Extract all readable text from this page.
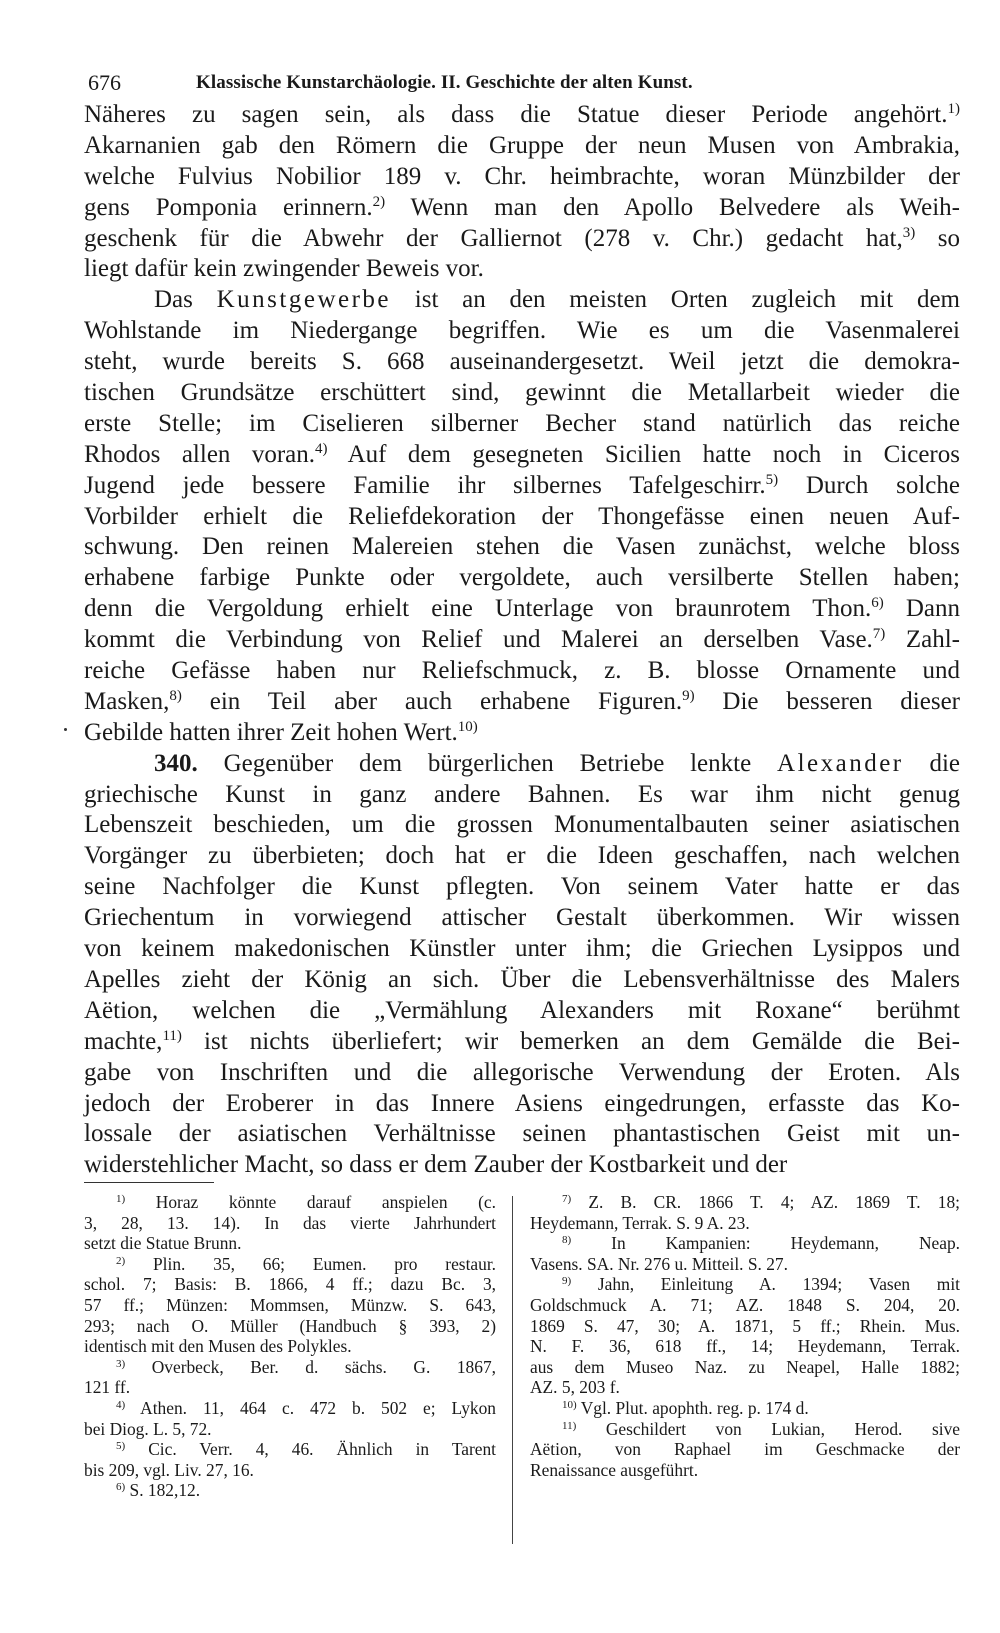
676	Klassische Kunstarchäologie. II. Geschichte der alten Kunst.
Näheres zu sagen sein, als dass die Statue dieser Periode angehört.$^{1)}$
Akarnanien gab den Römern die Gruppe der neun Musen von Ambrakia,
welche Fulvius Nobilior 189 v. Chr. heimbrachte, woran Münzbilder der
gens Pomponia erinnern.$^{2)}$ Wenn man den Apollo Belvedere als Weih-
geschenk für die Abwehr der Galliernot (278 v. Chr.) gedacht hat,$^{3)}$ so
liegt dafür kein zwingender Beweis vor.
Das Kunstgewerbe ist an den meisten Orten zugleich mit dem
Wohlstande im Niedergange begriffen. Wie es um die Vasenmalerei
steht, wurde bereits S. 668 auseinandergesetzt. Weil jetzt die demokra-
tischen Grundsätze erschüttert sind, gewinnt die Metallarbeit wieder die
erste Stelle; im Ciselieren silberner Becher stand natürlich das reiche
Rhodos allen voran.$^{4)}$ Auf dem gesegneten Sicilien hatte noch in Ciceros
Jugend jede bessere Familie ihr silbernes Tafelgeschirr.$^{5)}$ Durch solche
Vorbilder erhielt die Reliefdekoration der Thongefässe einen neuen Auf-
schwung. Den reinen Malereien stehen die Vasen zunächst, welche bloss
erhabene farbige Punkte oder vergoldete, auch versilberte Stellen haben;
denn die Vergoldung erhielt eine Unterlage von braunrotem Thon.$^{6)}$ Dann
kommt die Verbindung von Relief und Malerei an derselben Vase.$^{7)}$ Zahl-
reiche Gefässe haben nur Reliefschmuck, z. B. blosse Ornamente und
Masken,$^{8)}$ ein Teil aber auch erhabene Figuren.$^{9)}$ Die besseren dieser
Gebilde hatten ihrer Zeit hohen Wert.$^{10)}$
340. Gegenüber dem bürgerlichen Betriebe lenkte Alexander die
griechische Kunst in ganz andere Bahnen. Es war ihm nicht genug
Lebenszeit beschieden, um die grossen Monumentalbauten seiner asiatischen
Vorgänger zu überbieten; doch hat er die Ideen geschaffen, nach welchen
seine Nachfolger die Kunst pflegten. Von seinem Vater hatte er das
Griechentum in vorwiegend attischer Gestalt überkommen. Wir wissen
von keinem makedonischen Künstler unter ihm; die Griechen Lysippos und
Apelles zieht der König an sich. Über die Lebensverhältnisse des Malers
Aëtion, welchen die „Vermählung Alexanders mit Roxane“ berühmt
machte,$^{11)}$ ist nichts überliefert; wir bemerken an dem Gemälde die Bei-
gabe von Inschriften und die allegorische Verwendung der Eroten. Als
jedoch der Eroberer in das Innere Asiens eingedrungen, erfasste das Ko-
lossale der asiatischen Verhältnisse seinen phantastischen Geist mit un-
widerstehlicher Macht, so dass er dem Zauber der Kostbarkeit und der
$^{1)}$ Horaz könnte darauf anspielen (c.
3, 28, 13. 14). In das vierte Jahrhundert
setzt die Statue Brunn.
$^{2)}$ Plin. 35, 66; Eumen. pro restaur.
schol. 7; Basis: B. 1866, 4 ff.; dazu Bc. 3,
57 ff.; Münzen: Mommsen, Münzw. S. 643,
293; nach O. Müller (Handbuch § 393, 2)
identisch mit den Musen des Polykles.
$^{3)}$ Overbeck, Ber. d. sächs. G. 1867,
121 ff.
$^{4)}$ Athen. 11, 464 c. 472 b. 502 e; Lykon
bei Diog. L. 5, 72.
$^{5)}$ Cic. Verr. 4, 46. Ähnlich in Tarent
bis 209, vgl. Liv. 27, 16.
$^{6)}$ S. 182,12.
$^{7)}$ Z. B. CR. 1866 T. 4; AZ. 1869 T. 18;
Heydemann, Terrak. S. 9 A. 23.
$^{8)}$ In Kampanien: Heydemann, Neap.
Vasens. SA. Nr. 276 u. Mitteil. S. 27.
$^{9)}$ Jahn, Einleitung A. 1394; Vasen mit
Goldschmuck A. 71; AZ. 1848 S. 204, 20.
1869 S. 47, 30; A. 1871, 5 ff.; Rhein. Mus.
N. F. 36, 618 ff., 14; Heydemann, Terrak.
aus dem Museo Naz. zu Neapel, Halle 1882;
AZ. 5, 203 f.
$^{10)}$ Vgl. Plut. apophth. reg. p. 174 d.
$^{11)}$ Geschildert von Lukian, Herod. sive
Aëtion, von Raphael im Geschmacke der
Renaissance ausgeführt.
